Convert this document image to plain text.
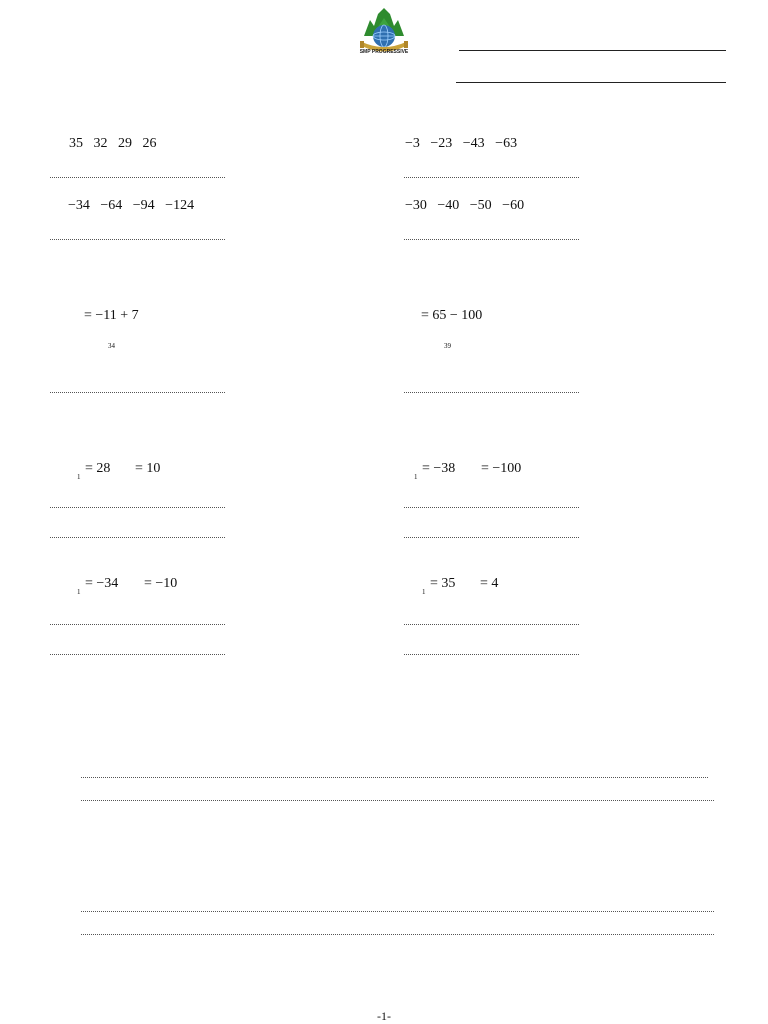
SMP PROGRESSIVE
35   32   29   26	−3   −23   −43   −63
−34   −64   −94   −124	−30   −40   −50   −60
= −11 + 7
34
= 65 − 100
39
1
= 28 = 10
1
= −38 = −100
1
= −34 = −10
1
= 35 = 4
-1-
